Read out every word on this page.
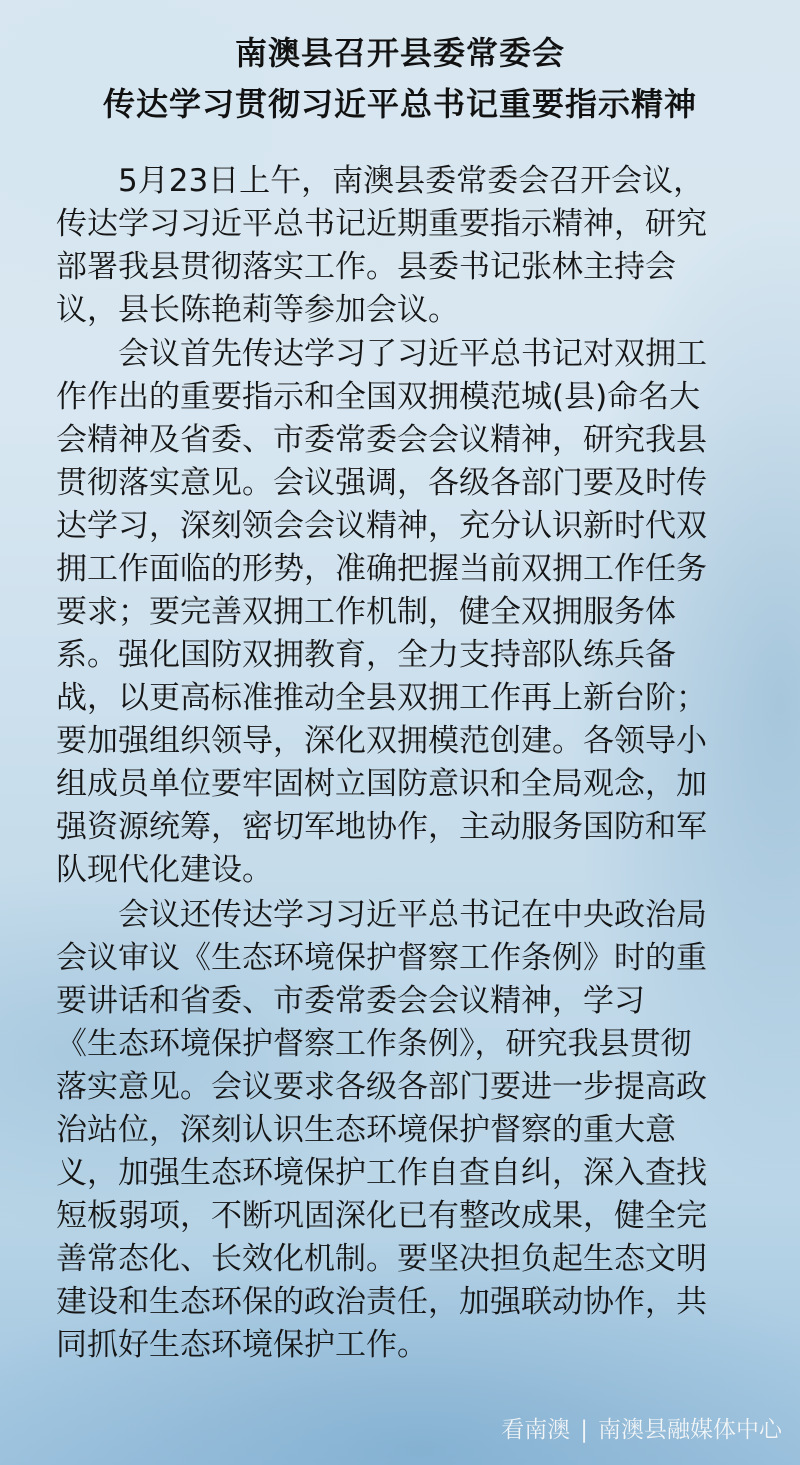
南澳县召开县委常委会
传达学习贯彻习近平总书记重要指示精神

　　5月23日上午，南澳县委常委会召开会议，
传达学习习近平总书记近期重要指示精神，研究
部署我县贯彻落实工作。县委书记张林主持会
议，县长陈艳莉等参加会议。

　　会议首先传达学习了习近平总书记对双拥工
作作出的重要指示和全国双拥模范城(县)命名大
会精神及省委、市委常委会会议精神，研究我县
贯彻落实意见。会议强调，各级各部门要及时传
达学习，深刻领会会议精神，充分认识新时代双
拥工作面临的形势，准确把握当前双拥工作任务
要求；要完善双拥工作机制，健全双拥服务体
系。强化国防双拥教育，全力支持部队练兵备
战，以更高标准推动全县双拥工作再上新台阶；
要加强组织领导，深化双拥模范创建。各领导小
组成员单位要牢固树立国防意识和全局观念，加
强资源统筹，密切军地协作，主动服务国防和军
队现代化建设。

　　会议还传达学习习近平总书记在中央政治局
会议审议《生态环境保护督察工作条例》时的重
要讲话和省委、市委常委会会议精神，学习
《生态环境保护督察工作条例》，研究我县贯彻
落实意见。会议要求各级各部门要进一步提高政
治站位，深刻认识生态环境保护督察的重大意
义，加强生态环境保护工作自查自纠，深入查找
短板弱项，不断巩固深化已有整改成果，健全完
善常态化、长效化机制。要坚决担负起生态文明
建设和生态环保的政治责任，加强联动协作，共
同抓好生态环境保护工作。

看南澳 | 南澳县融媒体中心
